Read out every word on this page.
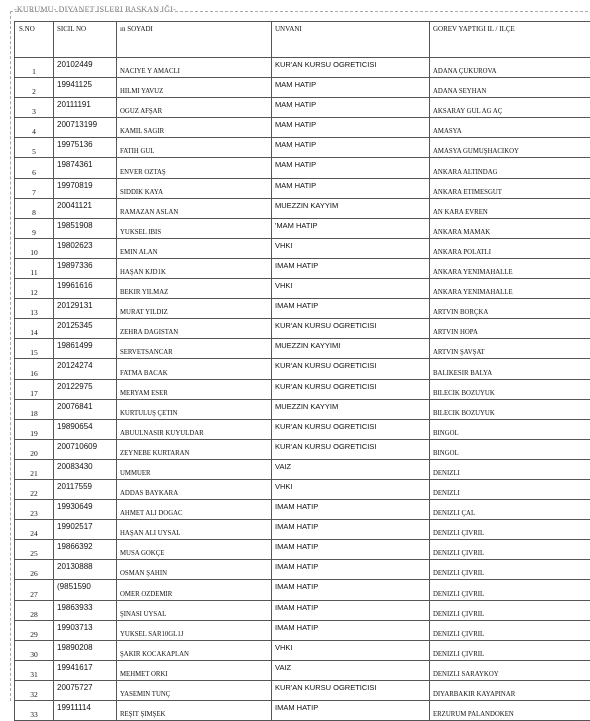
-KURUMU- DIYANET ISLERI BASKAN IĞI-
S.NO	SICIL NO	ın SOYADI	UNVANI	GOREV YAPTIGI IL / ILÇE
1	20102449	NACIYE Y AMACLI	KUR'AN KURSU OGRETICISI	ADANA ÇUKUROVA
2	19941125	HILMI YAVUZ	MAM HATIP	ADANA SEYHAN
3	20111191	OGUZ AFŞAR	MAM HATIP	AKSARAY GUL AG AÇ
4	200713199	KAMIL SAGIR	MAM HATIP	AMASYA
5	19975136	FATIH GUL	MAM HATIP	AMASYA GUMUŞHACIKOY
6	19874361	ENVER OZTAŞ	MAM HATIP	ANKARA ALTINDAG
7	19970819	SIDDIK KAYA	MAM HATIP	ANKARA ETIMESGUT
8	20041121	RAMAZAN ASLAN	MUEZZIN KAYYIM	AN KARA EVREN
9	19851908	YUKSEL IBIS	'MAM HATIP	ANKARA MAMAK
10	19802623	EMIN ALAN	VHKI	ANKARA POLATLI
11	19897336	HAŞAN KJD1K	IMAM HATIP	ANKARA YENIMAHALLE
12	19961616	BEKIR YILMAZ	VHKI	ANKARA YENIMAHALLE
13	20129131	MURAT YILDIZ	IMAM HATIP	ARTVIN BORÇKA
14	20125345	ZEHRA DAGISTAN	KUR'AN KURSU OGRETICISI	ARTVIN HOPA
15	19861499	SERVETSANCAR	MUEZZIN KAYYIMI	ARTVIN ŞAVŞAT
16	20124274	FATMA BACAK	KUR'AN KURSU OGRETICISI	BALIKESIR BALYA
17	20122975	MERYAM ESER	KUR'AN KURSU OGRETICISI	BILECIK BOZUYUK
18	20076841	KURTULUŞ ÇETIN	MUEZZIN KAYYIM	BILECIK BOZUYUK
19	19890654	ABUULNASIR KUYULDAR	KUR'AN KURSU OGRETICISI	BINGOL
20	200710609	ZEYNEBE KURTARAN	KUR'AN KURSU OGRETICISI	BINGOL
21	20083430	UMMUER	VAIZ	DENIZLI
22	20117559	ADDAS BAYKARA	VHKI	DENIZLI
23	19930649	AHMET ALI DOGAC	IMAM HATIP	DENIZLI ÇAL
24	19902517	HAŞAN ALI UYSAL	IMAM HATIP	DENIZLI ÇIVRIL
25	19866392	MUSA GOKÇE	IMAM HATIP	DENIZLI ÇIVRIL
26	20130888	OSMAN ŞAHIN	IMAM HATIP	DENIZLI ÇIVRIL
27	(9851590	OMER OZDEMIR	IMAM HATIP	DENIZLI ÇIVRIL
28	19863933	ŞINASI UYSAL	IMAM HATIP	DENIZLI ÇIVRIL
29	19903713	YUKSEL SAR10GL1J	IMAM HATIP	DENIZLI ÇIVRIL
30	19890208	ŞAKIR KOCAKAPLAN	VHKI	DENIZLI ÇIVRIL
31	19941617	MEHMET ORKI	VAIZ	DENIZLI SARAYKOY
32	20075727	YASEMIN TUNÇ	KUR'AN KURSU OGRETICISI	DIYARBAKIR KAYAPINAR
33	19911114	REŞIT ŞIMŞEK	IMAM HATIP	ERZURUM PALANDOKEN
